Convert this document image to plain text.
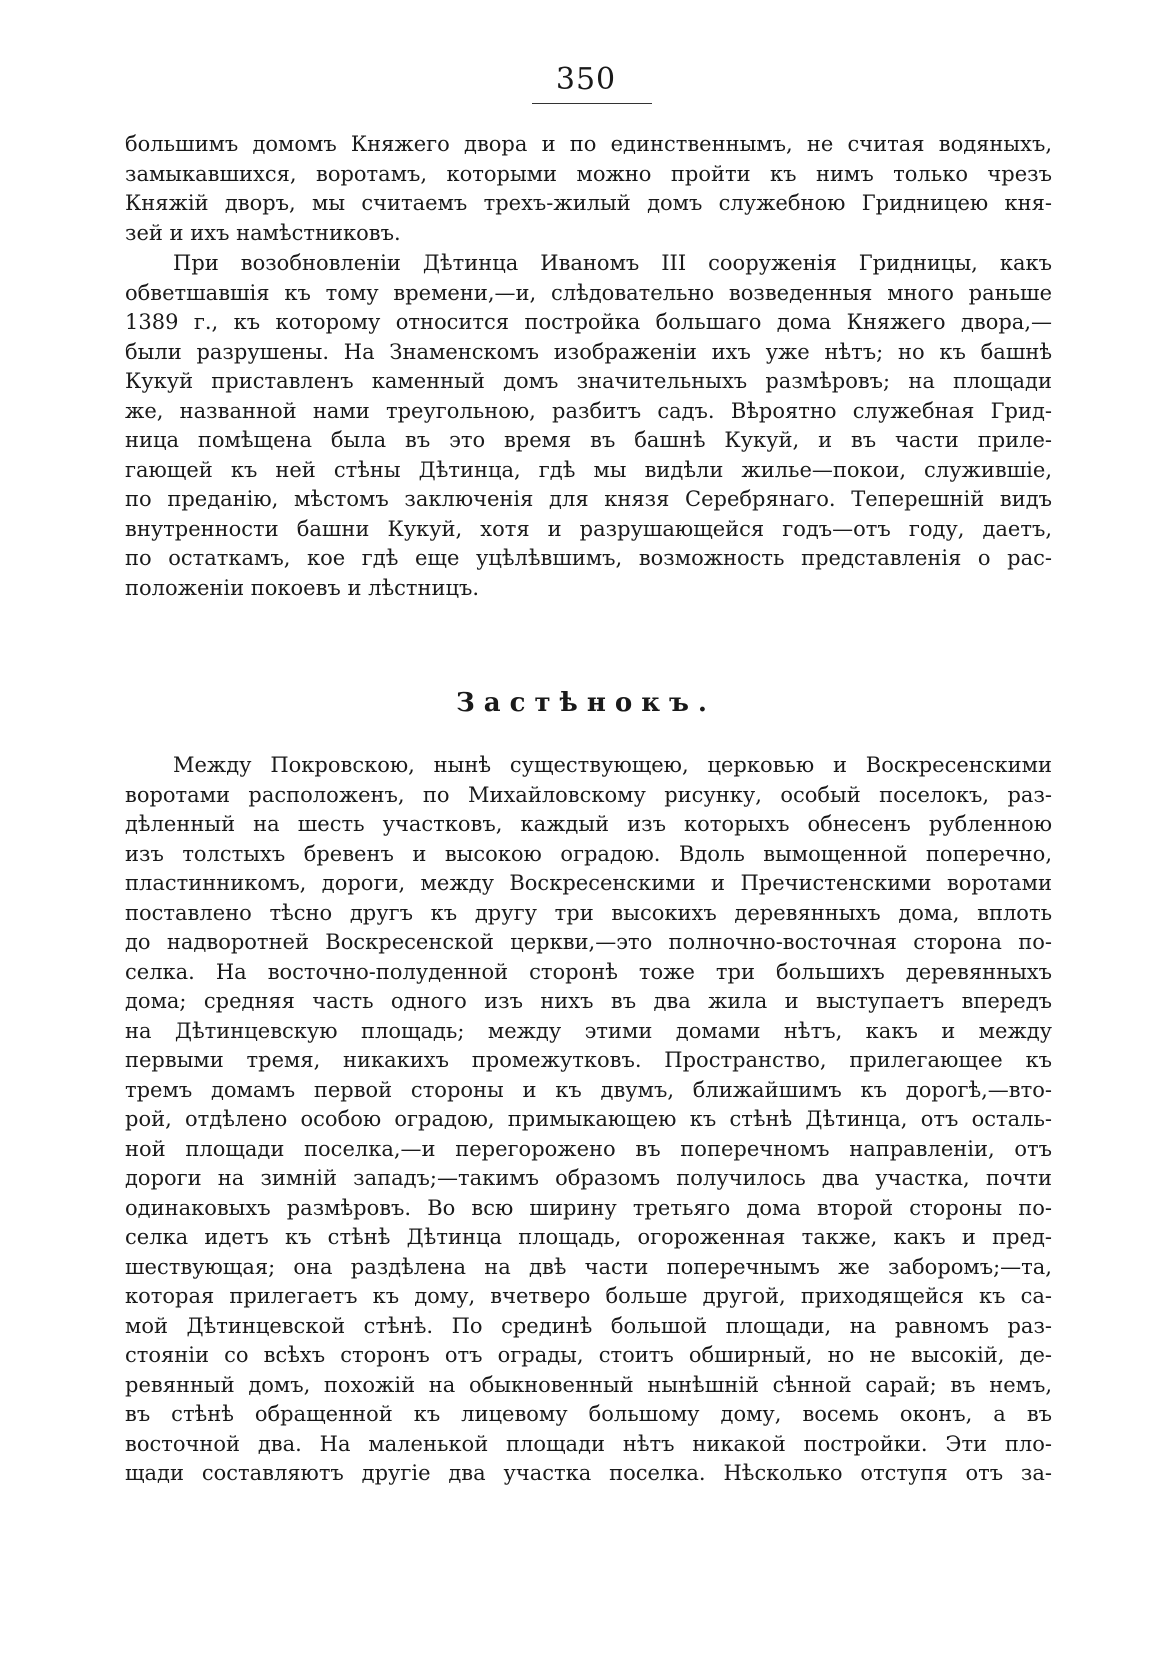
350
большимъ домомъ Княжего двора и по единственнымъ, не считая водяныхъ,
замыкавшихся, воротамъ, которыми можно пройти къ нимъ только чрезъ
Княжій дворъ, мы считаемъ трехъ-жилый домъ служебною Гридницею кня-
зей и ихъ намѣстниковъ.
При возобновленіи Дѣтинца Иваномъ III сооруженія Гридницы, какъ
обветшавшія къ тому времени,—и, слѣдовательно возведенныя много раньше
1389 г., къ которому относится постройка большаго дома Княжего двора,—
были разрушены. На Знаменскомъ изображеніи ихъ уже нѣтъ; но къ башнѣ
Кукуй приставленъ каменный домъ значительныхъ размѣровъ; на площади
же, названной нами треугольною, разбитъ садъ. Вѣроятно служебная Грид-
ница помѣщена была въ это время въ башнѣ Кукуй, и въ части приле-
гающей къ ней стѣны Дѣтинца, гдѣ мы видѣли жилье—покои, служившіе,
по преданію, мѣстомъ заключенія для князя Серебрянаго. Теперешній видъ
внутренности башни Кукуй, хотя и разрушающейся годъ—отъ году, даетъ,
по остаткамъ, кое гдѣ еще уцѣлѣвшимъ, возможность представленія о рас-
положеніи покоевъ и лѣстницъ.
Застѣнокъ.
Между Покровскою, нынѣ существующею, церковью и Воскресенскими
воротами расположенъ, по Михайловскому рисунку, особый поселокъ, раз-
дѣленный на шесть участковъ, каждый изъ которыхъ обнесенъ рубленною
изъ толстыхъ бревенъ и высокою оградою. Вдоль вымощенной поперечно,
пластинникомъ, дороги, между Воскресенскими и Пречистенскими воротами
поставлено тѣсно другъ къ другу три высокихъ деревянныхъ дома, вплоть
до надворотней Воскресенской церкви,—это полночно-восточная сторона по-
селка. На восточно-полуденной сторонѣ тоже три большихъ деревянныхъ
дома; средняя часть одного изъ нихъ въ два жила и выступаетъ впередъ
на Дѣтинцевскую площадь; между этими домами нѣтъ, какъ и между
первыми тремя, никакихъ промежутковъ. Пространство, прилегающее къ
тремъ домамъ первой стороны и къ двумъ, ближайшимъ къ дорогѣ,—вто-
рой, отдѣлено особою оградою, примыкающею къ стѣнѣ Дѣтинца, отъ осталь-
ной площади поселка,—и перегорожено въ поперечномъ направленіи, отъ
дороги на зимній западъ;—такимъ образомъ получилось два участка, почти
одинаковыхъ размѣровъ. Во всю ширину третьяго дома второй стороны по-
селка идетъ къ стѣнѣ Дѣтинца площадь, огороженная также, какъ и пред-
шествующая; она раздѣлена на двѣ части поперечнымъ же заборомъ;—та,
которая прилегаетъ къ дому, вчетверо больше другой, приходящейся къ са-
мой Дѣтинцевской стѣнѣ. По срединѣ большой площади, на равномъ раз-
стояніи со всѣхъ сторонъ отъ ограды, стоитъ обширный, но не высокій, де-
ревянный домъ, похожій на обыкновенный нынѣшній сѣнной сарай; въ немъ,
въ стѣнѣ обращенной къ лицевому большому дому, восемь оконъ, а въ
восточной два. На маленькой площади нѣтъ никакой постройки. Эти пло-
щади составляютъ другіе два участка поселка. Нѣсколько отступя отъ за-
